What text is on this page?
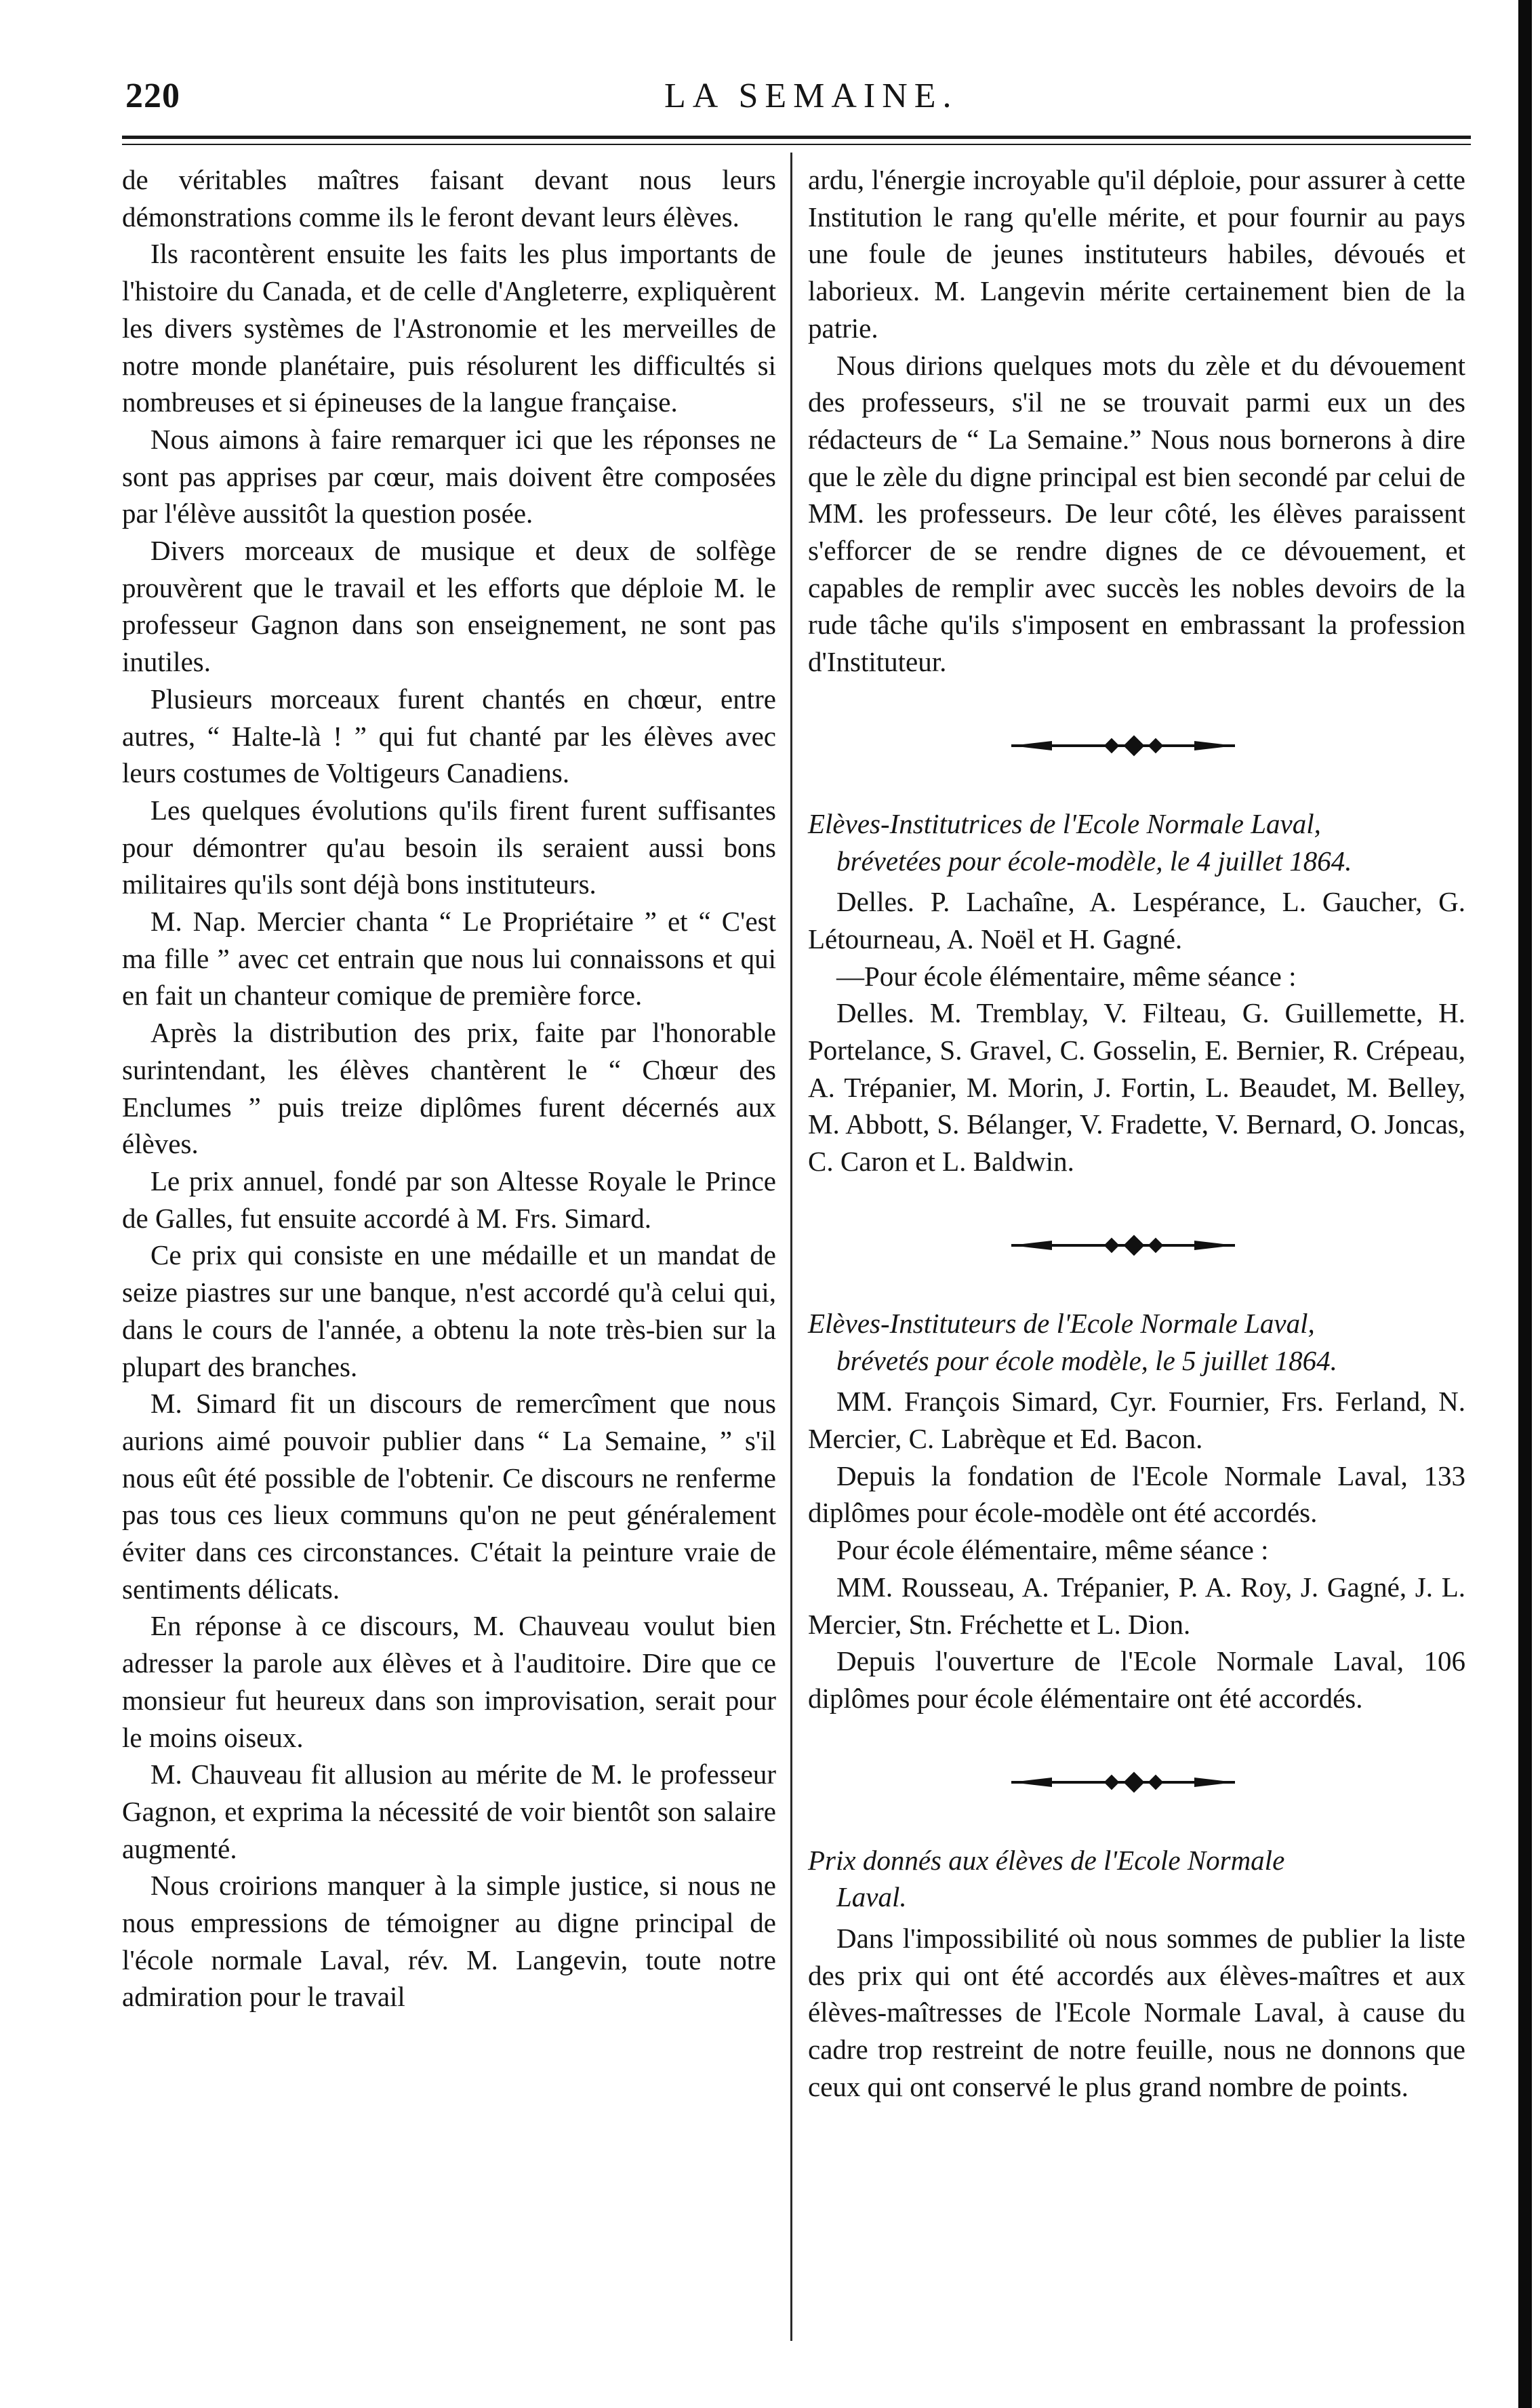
220	LA SEMAINE.

de véritables maîtres faisant devant nous leurs démonstrations comme ils le feront devant leurs élèves.

Ils racontèrent ensuite les faits les plus importants de l'histoire du Canada, et de celle d'Angleterre, expliquèrent les divers systèmes de l'Astronomie et les merveilles de notre monde planétaire, puis résolurent les difficultés si nombreuses et si épineuses de la langue française.

Nous aimons à faire remarquer ici que les réponses ne sont pas apprises par cœur, mais doivent être composées par l'élève aussitôt la question posée.

Divers morceaux de musique et deux de solfège prouvèrent que le travail et les efforts que déploie M. le professeur Gagnon dans son enseignement, ne sont pas inutiles.

Plusieurs morceaux furent chantés en chœur, entre autres, “ Halte-là ! ” qui fut chanté par les élèves avec leurs costumes de Voltigeurs Canadiens.

Les quelques évolutions qu'ils firent furent suffisantes pour démontrer qu'au besoin ils seraient aussi bons militaires qu'ils sont déjà bons instituteurs.

M. Nap. Mercier chanta “ Le Propriétaire ” et “ C'est ma fille ” avec cet entrain que nous lui connaissons et qui en fait un chanteur comique de première force.

Après la distribution des prix, faite par l'honorable surintendant, les élèves chantèrent le “ Chœur des Enclumes ” puis treize diplômes furent décernés aux élèves.

Le prix annuel, fondé par son Altesse Royale le Prince de Galles, fut ensuite accordé à M. Frs. Simard.

Ce prix qui consiste en une médaille et un mandat de seize piastres sur une banque, n'est accordé qu'à celui qui, dans le cours de l'année, a obtenu la note très-bien sur la plupart des branches.

M. Simard fit un discours de remercîment que nous aurions aimé pouvoir publier dans “ La Semaine, ” s'il nous eût été possible de l'obtenir. Ce discours ne renferme pas tous ces lieux communs qu'on ne peut généralement éviter dans ces circonstances. C'était la peinture vraie de sentiments délicats.

En réponse à ce discours, M. Chauveau voulut bien adresser la parole aux élèves et à l'auditoire. Dire que ce monsieur fut heureux dans son improvisation, serait pour le moins oiseux.

M. Chauveau fit allusion au mérite de M. le professeur Gagnon, et exprima la nécessité de voir bientôt son salaire augmenté.

Nous croirions manquer à la simple justice, si nous ne nous empressions de témoigner au digne principal de l'école normale Laval, rév. M. Langevin, toute notre admiration pour le travail

ardu, l'énergie incroyable qu'il déploie, pour assurer à cette Institution le rang qu'elle mérite, et pour fournir au pays une foule de jeunes instituteurs habiles, dévoués et laborieux. M. Langevin mérite certainement bien de la patrie.

Nous dirions quelques mots du zèle et du dévouement des professeurs, s'il ne se trouvait parmi eux un des rédacteurs de “ La Semaine.” Nous nous bornerons à dire que le zèle du digne principal est bien secondé par celui de MM. les professeurs. De leur côté, les élèves paraissent s'efforcer de se rendre dignes de ce dévouement, et capables de remplir avec succès les nobles devoirs de la rude tâche qu'ils s'imposent en embrassant la profession d'Instituteur.

Elèves-Institutrices de l'Ecole Normale Laval,

brévetées pour école-modèle, le 4 juillet 1864.

Delles. P. Lachaîne, A. Lespérance, L. Gaucher, G. Létourneau, A. Noël et H. Gagné.

—Pour école élémentaire, même séance :

Delles. M. Tremblay, V. Filteau, G. Guillemette, H. Portelance, S. Gravel, C. Gosselin, E. Bernier, R. Crépeau, A. Trépanier, M. Morin, J. Fortin, L. Beaudet, M. Belley, M. Abbott, S. Bélanger, V. Fradette, V. Bernard, O. Joncas, C. Caron et L. Baldwin.

Elèves-Instituteurs de l'Ecole Normale Laval,

brévetés pour école modèle, le 5 juillet 1864.

MM. François Simard, Cyr. Fournier, Frs. Ferland, N. Mercier, C. Labrèque et Ed. Bacon.

Depuis la fondation de l'Ecole Normale Laval, 133 diplômes pour école-modèle ont été accordés.

Pour école élémentaire, même séance :

MM. Rousseau, A. Trépanier, P. A. Roy, J. Gagné, J. L. Mercier, Stn. Fréchette et L. Dion.

Depuis l'ouverture de l'Ecole Normale Laval, 106 diplômes pour école élémentaire ont été accordés.

Prix donnés aux élèves de l'Ecole Normale

Laval.

Dans l'impossibilité où nous sommes de publier la liste des prix qui ont été accordés aux élèves-maîtres et aux élèves-maîtresses de l'Ecole Normale Laval, à cause du cadre trop restreint de notre feuille, nous ne donnons que ceux qui ont conservé le plus grand nombre de points.
